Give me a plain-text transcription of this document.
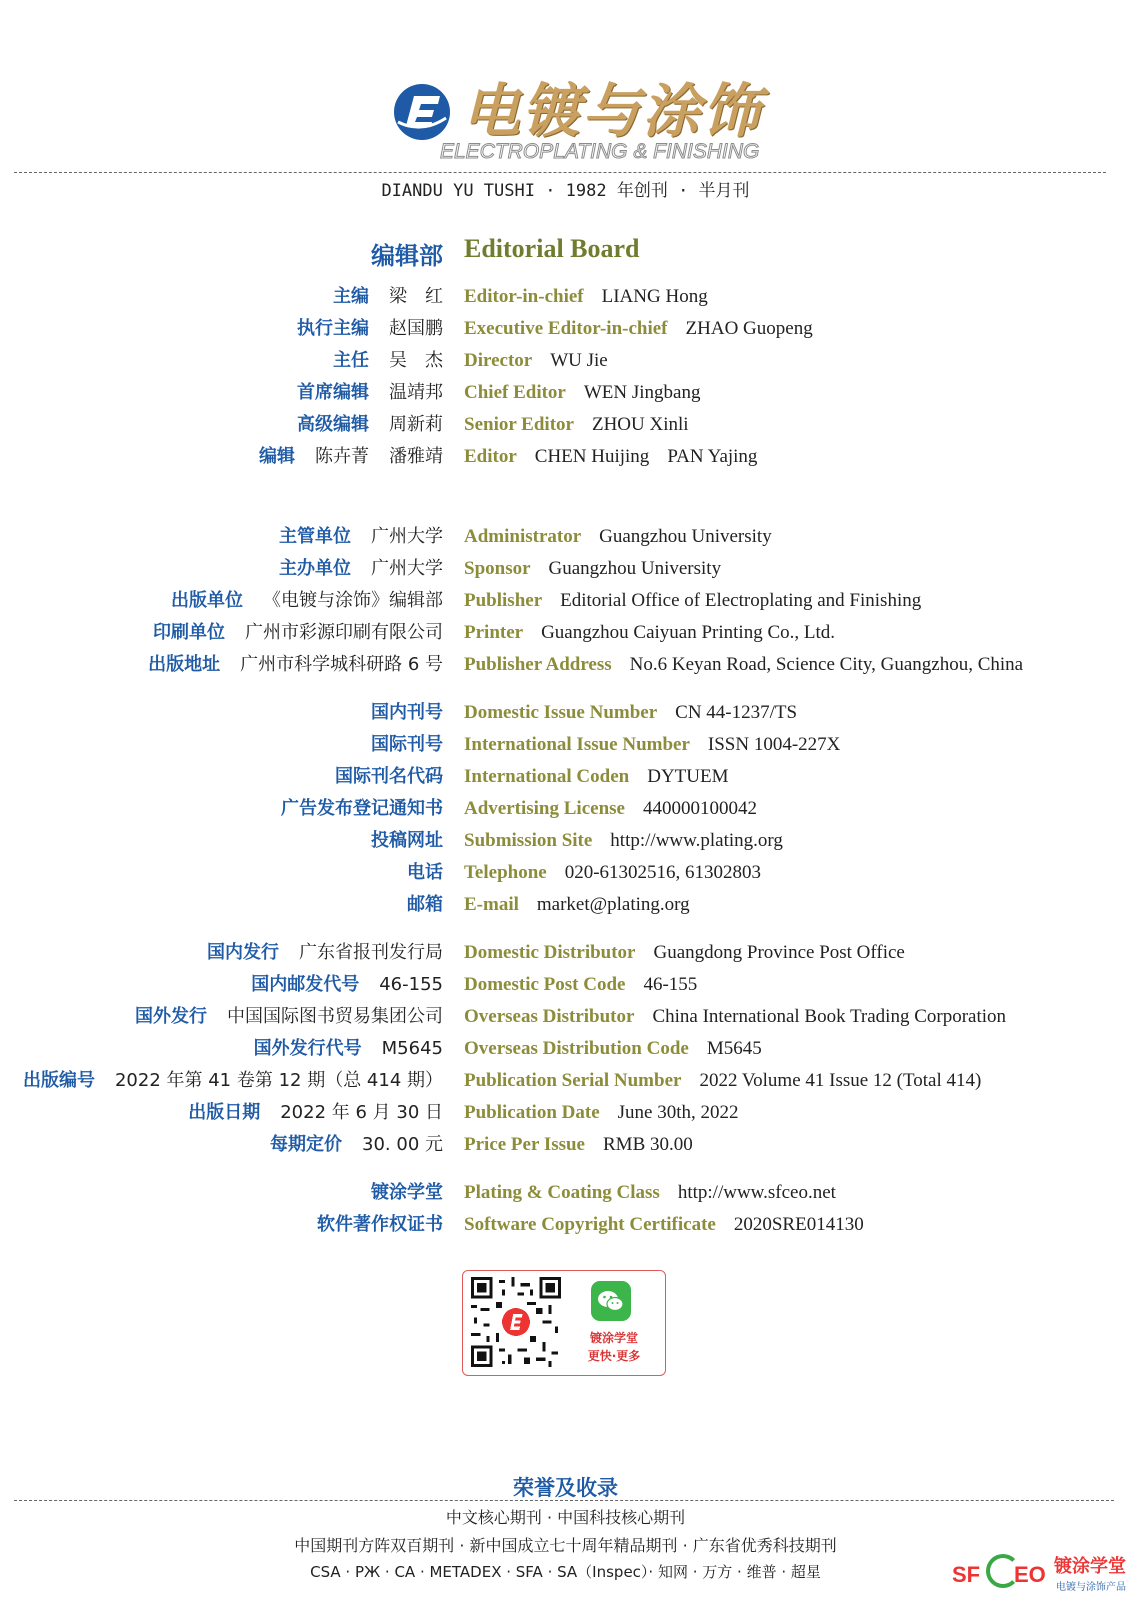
电镀与涂饰
ELECTROPLATING & FINISHING
DIANDU YU TUSHI · 1982 年创刊 · 半月刊
编辑部 Editorial Board
主编 梁　红 Editor-in-chief LIANG Hong
执行主编 赵国鹏 Executive Editor-in-chief ZHAO Guopeng
主任 吴　杰 Director WU Jie
首席编辑 温靖邦 Chief Editor WEN Jingbang
高级编辑 周新莉 Senior Editor ZHOU Xinli
编辑 陈卉菁 潘雅靖 Editor CHEN Huijing PAN Yajing
主管单位 广州大学 Administrator Guangzhou University
主办单位 广州大学 Sponsor Guangzhou University
出版单位 《电镀与涂饰》编辑部 Publisher Editorial Office of Electroplating and Finishing
印刷单位 广州市彩源印刷有限公司 Printer Guangzhou Caiyuan Printing Co., Ltd.
出版地址 广州市科学城科研路 6 号 Publisher Address No.6 Keyan Road, Science City, Guangzhou, China
国内刊号 Domestic Issue Number CN 44-1237/TS
国际刊号 International Issue Number ISSN 1004-227X
国际刊名代码 International Coden DYTUEM
广告发布登记通知书 Advertising License 440000100042
投稿网址 Submission Site http://www.plating.org
电话 Telephone 020-61302516, 61302803
邮箱 E-mail market@plating.org
国内发行 广东省报刊发行局 Domestic Distributor Guangdong Province Post Office
国内邮发代号 46-155 Domestic Post Code 46-155
国外发行 中国国际图书贸易集团公司 Overseas Distributor China International Book Trading Corporation
国外发行代号 M5645 Overseas Distribution Code M5645
出版编号 2022 年第 41 卷第 12 期（总 414 期） Publication Serial Number 2022 Volume 41 Issue 12 (Total 414)
出版日期 2022 年 6 月 30 日 Publication Date June 30th, 2022
每期定价 30. 00 元 Price Per Issue RMB 30.00
镀涂学堂 Plating & Coating Class http://www.sfceo.net
软件著作权证书 Software Copyright Certificate 2020SRE014130
镀涂学堂
更快·更多
荣誉及收录
中文核心期刊 · 中国科技核心期刊
中国期刊方阵双百期刊 · 新中国成立七十周年精品期刊 · 广东省优秀科技期刊
CSA · PЖ · CA · METADEX · SFA · SA（Inspec）· 知网 · 万方 · 维普 · 超星	SF EO 镀涂学堂
电镀与涂饰产品
